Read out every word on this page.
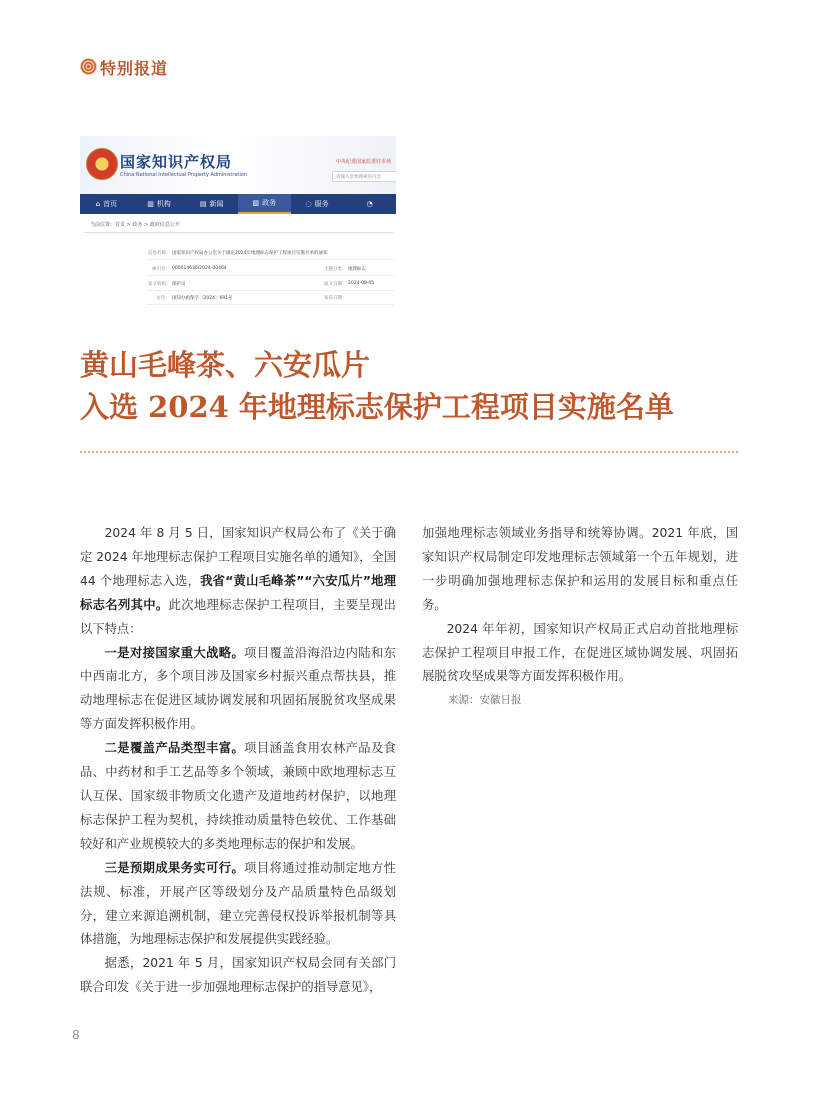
特别报道
国家知识产权局
China National Intellectual Property Administration
中央纪委国家监委驻市场
请输入您要搜索的内容
⌂ 首页	▥ 机构	▤ 新闻	▧ 政务	◌ 服务	◔
当前位置：首页 > 政务 > 政府信息公开
信息名称： 国家知识产权局办公室关于确定2024年地理标志保护工程项目实施名单的通知
索引号： 000014636/2024-00464	主题分类： 地理标志
发文机构： 保护司	成文日期： 2024-08-05
文号： 国知办函保字〔2024〕691号	发布日期：
黄山毛峰茶、六安瓜片
入选 2024 年地理标志保护工程项目实施名单

2024 年 8 月 5 日，国家知识产权局公布了《关于确定 2024 年地理标志保护工程项目实施名单的通知》，全国 44 个地理标志入选，我省“黄山毛峰茶”“六安瓜片”地理标志名列其中。此次地理标志保护工程项目，主要呈现出以下特点：

一是对接国家重大战略。项目覆盖沿海沿边内陆和东中西南北方，多个项目涉及国家乡村振兴重点帮扶县，推动地理标志在促进区域协调发展和巩固拓展脱贫攻坚成果等方面发挥积极作用。

二是覆盖产品类型丰富。项目涵盖食用农林产品及食品、中药材和手工艺品等多个领域，兼顾中欧地理标志互认互保、国家级非物质文化遗产及道地药材保护，以地理标志保护工程为契机，持续推动质量特色较优、工作基础较好和产业规模较大的多类地理标志的保护和发展。

三是预期成果务实可行。项目将通过推动制定地方性法规、标准，开展产区等级划分及产品质量特色品级划分，建立来源追溯机制，建立完善侵权投诉举报机制等具体措施，为地理标志保护和发展提供实践经验。

据悉，2021 年 5 月，国家知识产权局会同有关部门联合印发《关于进一步加强地理标志保护的指导意见》，

加强地理标志领域业务指导和统筹协调。2021 年底，国家知识产权局制定印发地理标志领域第一个五年规划，进一步明确加强地理标志保护和运用的发展目标和重点任务。

2024 年年初，国家知识产权局正式启动首批地理标志保护工程项目申报工作，在促进区域协调发展、巩固拓展脱贫攻坚成果等方面发挥积极作用。

来源：安徽日报
8
